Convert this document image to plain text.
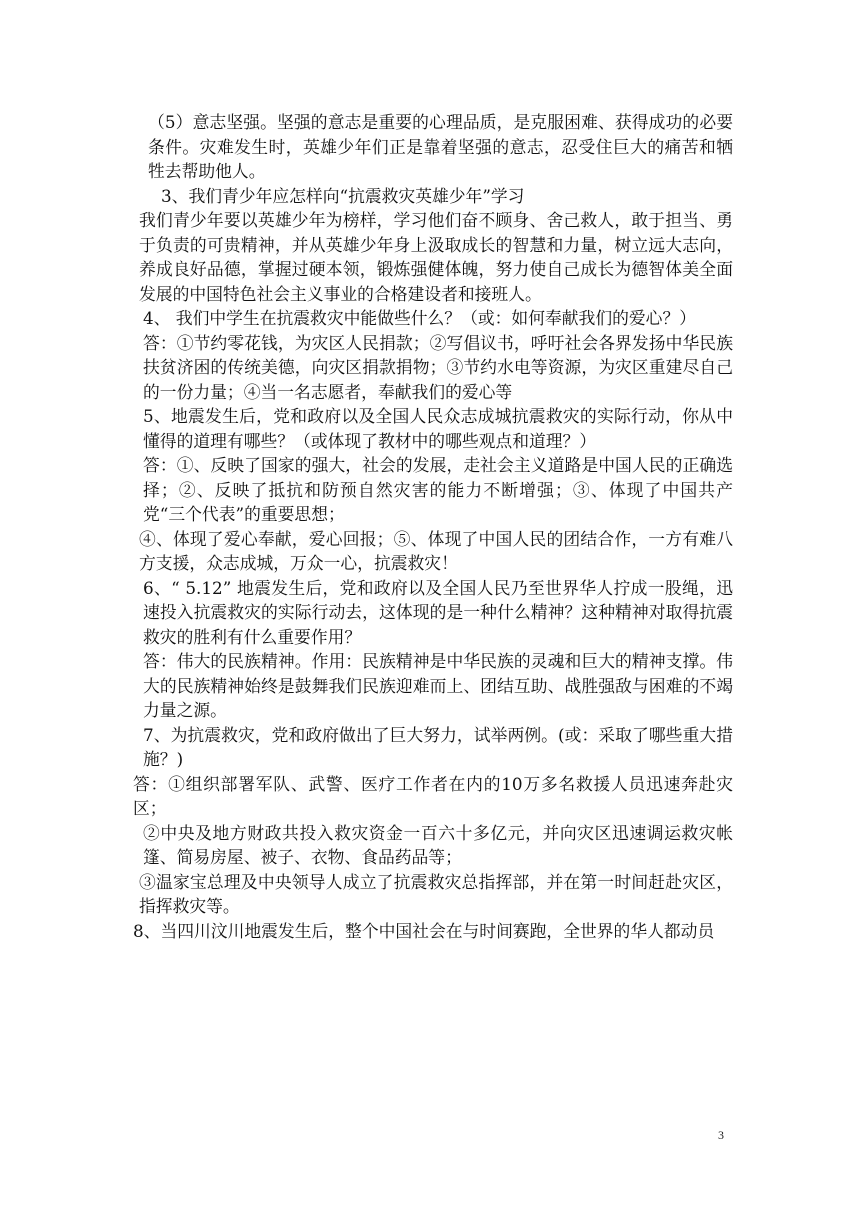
（5）意志坚强。坚强的意志是重要的心理品质，是克服困难、获得成功的必要条件。灾难发生时，英雄少年们正是靠着坚强的意志，忍受住巨大的痛苦和牺牲去帮助他人。

3、我们青少年应怎样向“抗震救灾英雄少年”学习

我们青少年要以英雄少年为榜样，学习他们奋不顾身、舍己救人，敢于担当、勇于负责的可贵精神，并从英雄少年身上汲取成长的智慧和力量，树立远大志向，养成良好品德，掌握过硬本领，锻炼强健体魄，努力使自己成长为德智体美全面发展的中国特色社会主义事业的合格建设者和接班人。

4、 我们中学生在抗震救灾中能做些什么？（或：如何奉献我们的爱心？）

答：①节约零花钱，为灾区人民捐款；②写倡议书，呼吁社会各界发扬中华民族扶贫济困的传统美德，向灾区捐款捐物；③节约水电等资源，为灾区重建尽自己的一份力量；④当一名志愿者，奉献我们的爱心等

5、地震发生后，党和政府以及全国人民众志成城抗震救灾的实际行动，你从中懂得的道理有哪些？（或体现了教材中的哪些观点和道理？）

答：①、反映了国家的强大，社会的发展，走社会主义道路是中国人民的正确选择；②、反映了抵抗和防预自然灾害的能力不断增强；③、体现了中国共产党“三个代表”的重要思想；

④、体现了爱心奉献，爱心回报；⑤、体现了中国人民的团结合作，一方有难八方支援，众志成城，万众一心，抗震救灾！

6、“ 5.12” 地震发生后，党和政府以及全国人民乃至世界华人拧成一股绳，迅速投入抗震救灾的实际行动去，这体现的是一种什么精神？这种精神对取得抗震救灾的胜利有什么重要作用？

答：伟大的民族精神。作用：民族精神是中华民族的灵魂和巨大的精神支撑。伟大的民族精神始终是鼓舞我们民族迎难而上、团结互助、战胜强敌与困难的不竭力量之源。

7、为抗震救灾，党和政府做出了巨大努力，试举两例。(或：采取了哪些重大措施？)

答：①组织部署军队、武警、医疗工作者在内的10万多名救援人员迅速奔赴灾区；

②中央及地方财政共投入救灾资金一百六十多亿元，并向灾区迅速调运救灾帐篷、简易房屋、被子、衣物、食品药品等；

③温家宝总理及中央领导人成立了抗震救灾总指挥部，并在第一时间赶赴灾区，指挥救灾等。

8、当四川汶川地震发生后，整个中国社会在与时间赛跑，全世界的华人都动员

3
